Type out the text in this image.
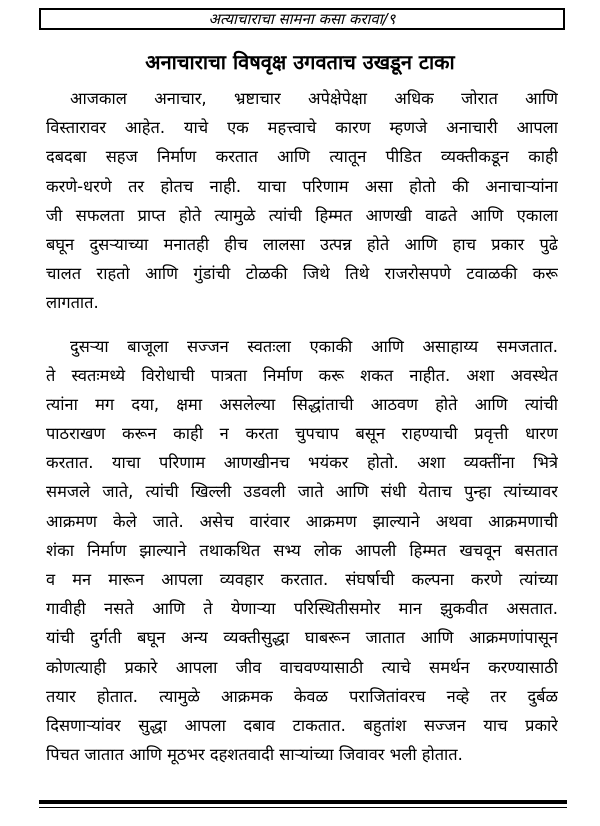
अत्याचाराचा सामना कसा करावा/९
अनाचाराचा विषवृक्ष उगवताच उखडून टाका
आजकाल अनाचार, भ्रष्टाचार अपेक्षेपेक्षा अधिक जोरात आणि
विस्तारावर आहेत. याचे एक महत्त्वाचे कारण म्हणजे अनाचारी आपला
दबदबा सहज निर्माण करतात आणि त्यातून पीडित व्यक्तीकडून काही
करणे-धरणे तर होतच नाही. याचा परिणाम असा होतो की अनाचाऱ्यांना
जी सफलता प्राप्त होते त्यामुळे त्यांची हिम्मत आणखी वाढते आणि एकाला
बघून दुसऱ्याच्या मनातही हीच लालसा उत्पन्न होते आणि हाच प्रकार पुढे
चालत राहतो आणि गुंडांची टोळकी जिथे तिथे राजरोसपणे टवाळकी करू
लागतात.
दुसऱ्या बाजूला सज्जन स्वतःला एकाकी आणि असाहाय्य समजतात.
ते स्वतःमध्ये विरोधाची पात्रता निर्माण करू शकत नाहीत. अशा अवस्थेत
त्यांना मग दया, क्षमा असलेल्या सिद्धांताची आठवण होते आणि त्यांची
पाठराखण करून काही न करता चुपचाप बसून राहण्याची प्रवृत्ती धारण
करतात. याचा परिणाम आणखीनच भयंकर होतो. अशा व्यक्तींना भित्रे
समजले जाते, त्यांची खिल्ली उडवली जाते आणि संधी येताच पुन्हा त्यांच्यावर
आक्रमण केले जाते. असेच वारंवार आक्रमण झाल्याने अथवा आक्रमणाची
शंका निर्माण झाल्याने तथाकथित सभ्य लोक आपली हिम्मत खचवून बसतात
व मन मारून आपला व्यवहार करतात. संघर्षाची कल्पना करणे त्यांच्या
गावीही नसते आणि ते येणाऱ्या परिस्थितीसमोर मान झुकवीत असतात.
यांची दुर्गती बघून अन्य व्यक्तीसुद्धा घाबरून जातात आणि आक्रमणांपासून
कोणत्याही प्रकारे आपला जीव वाचवण्यासाठी त्याचे समर्थन करण्यासाठी
तयार होतात. त्यामुळे आक्रमक केवळ पराजितांवरच नव्हे तर दुर्बळ
दिसणाऱ्यांवर सुद्धा आपला दबाव टाकतात. बहुतांश सज्जन याच प्रकारे
पिचत जातात आणि मूठभर दहशतवादी साऱ्यांच्या जिवावर भली होतात.
